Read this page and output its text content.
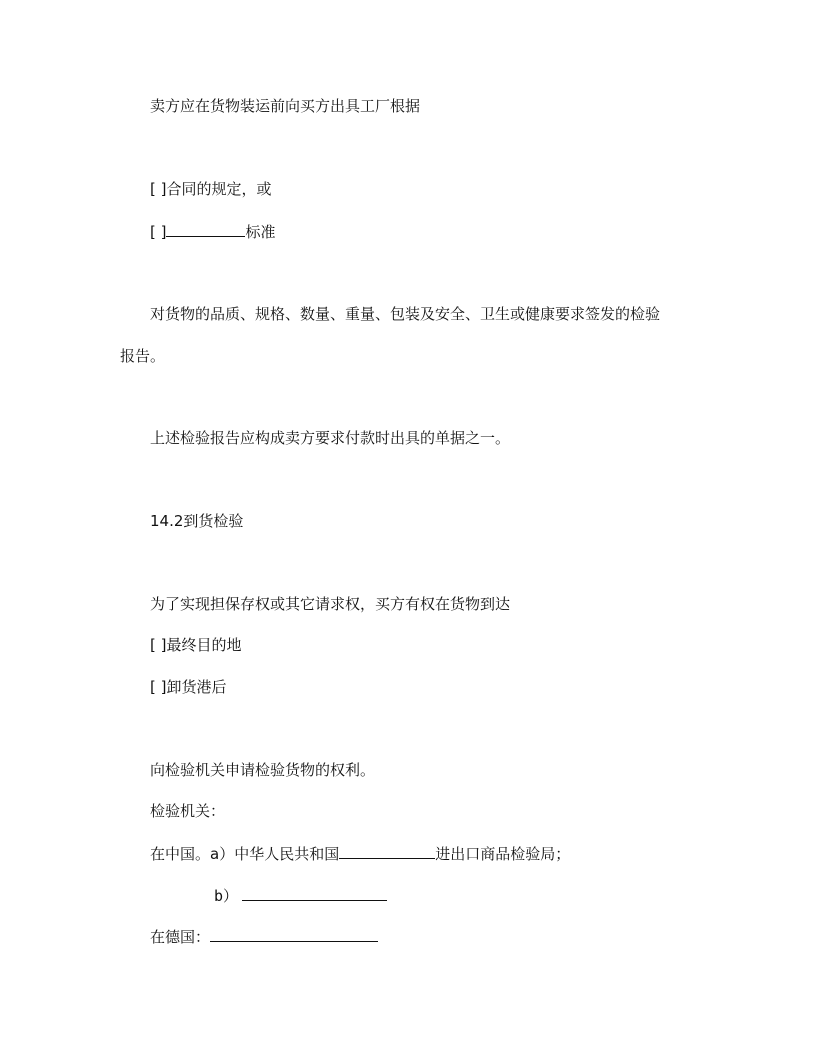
卖方应在货物装运前向买方出具工厂根据
[ ]合同的规定，或
[ ]	标准
对货物的品质、规格、数量、重量、包装及安全、卫生或健康要求签发的检验
报告。
上述检验报告应构成卖方要求付款时出具的单据之一。
14.2到货检验
为了实现担保存权或其它请求权，买方有权在货物到达
[ ]最终目的地
[ ]卸货港后
向检验机关申请检验货物的权利。
检验机关：
在中国。a）中华人民共和国	进出口商品检验局；
b）
在德国：
